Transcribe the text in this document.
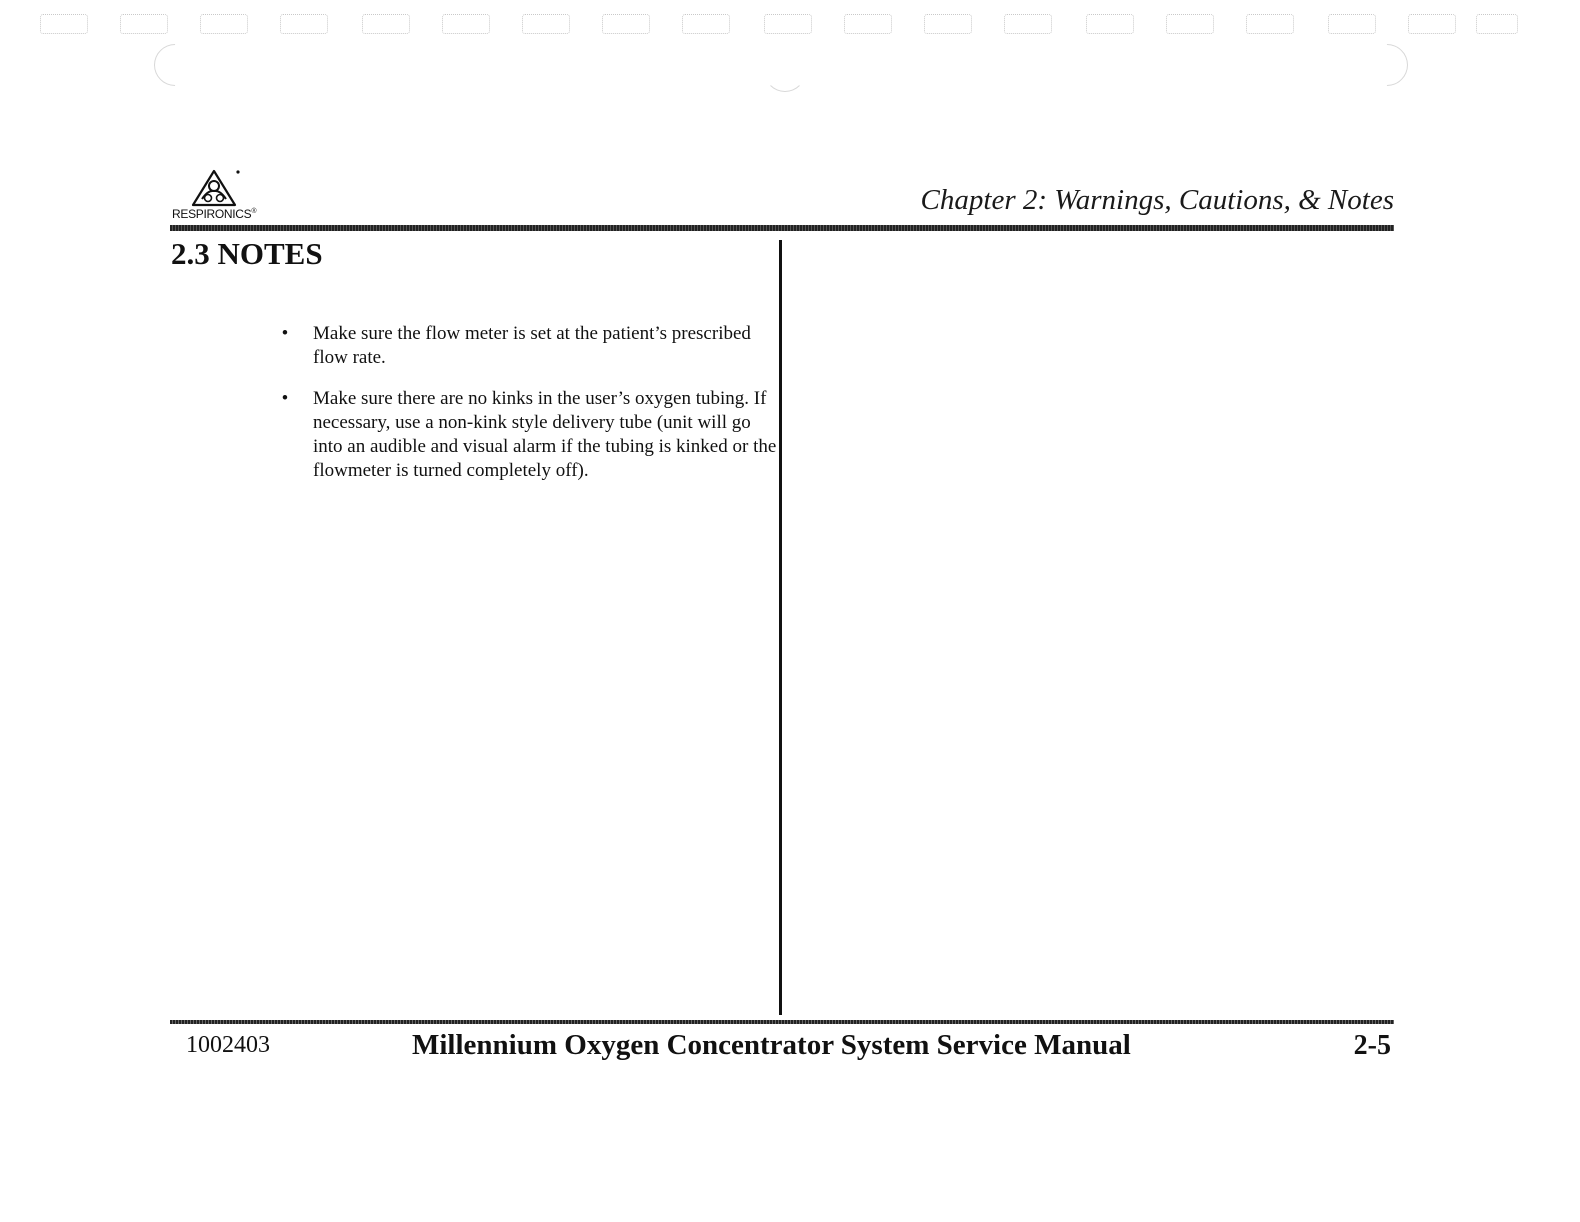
RESPIRONICS®	Chapter 2: Warnings, Cautions, & Notes
2.3 NOTES
• Make sure the flow meter is set at the patient’s prescribed flow rate.
• Make sure there are no kinks in the user’s oxygen tubing. If necessary, use a non-kink style delivery tube (unit will go into an audible and visual alarm if the tubing is kinked or the flowmeter is turned completely off).
1002403	Millennium Oxygen Concentrator System Service Manual	2-5
